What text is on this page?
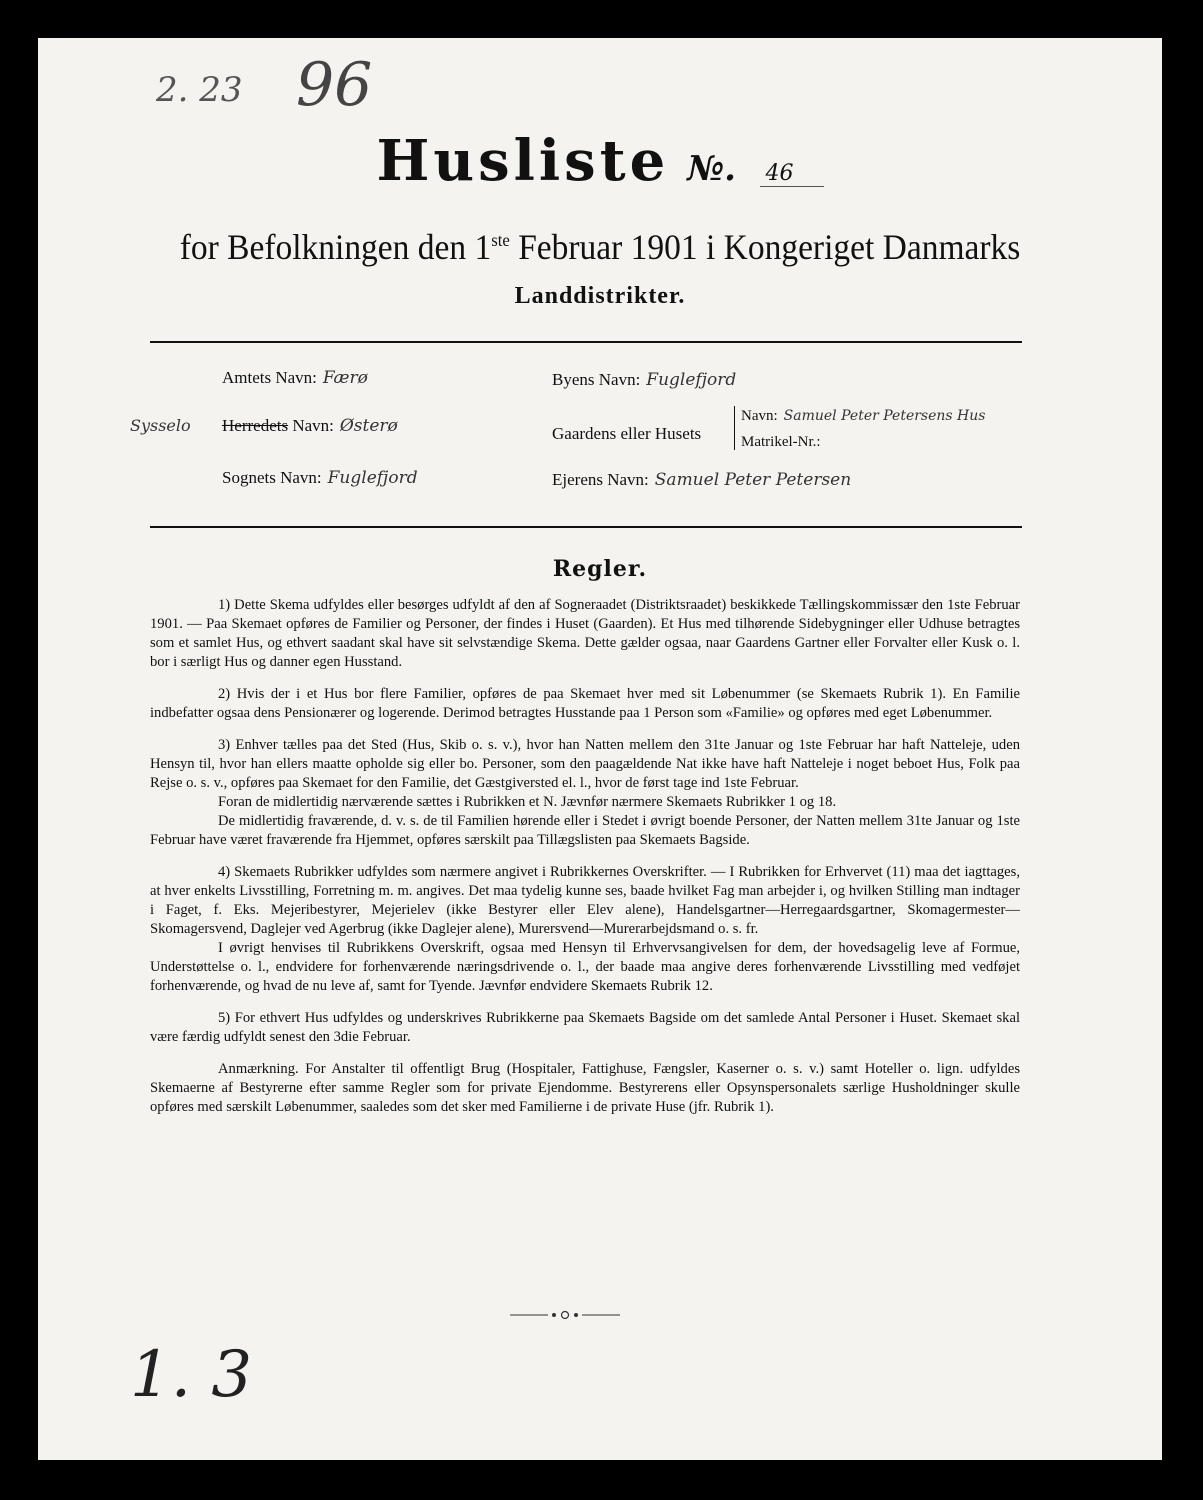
2. 23 96
Husliste №. 46
for Befolkningen den 1ste Februar 1901 i Kongeriget Danmarks
Landdistrikter.
Amtets Navn: Færø
Sysselo Herredets Navn: Østerø
Sognets Navn: Fuglefjord
Byens Navn: Fuglefjord
Gaardens eller Husets
Navn: Samuel Peter Petersens Hus
Matrikel-Nr.:
Ejerens Navn: Samuel Peter Petersen
Regler.

1) Dette Skema udfyldes eller besørges udfyldt af den af Sogneraadet (Distriktsraadet) beskikkede Tællingskommissær den 1ste Februar 1901. — Paa Skemaet opføres de Familier og Personer, der findes i Huset (Gaarden). Et Hus med tilhørende Sidebygninger eller Udhuse betragtes som et samlet Hus, og ethvert saadant skal have sit selvstændige Skema. Dette gælder ogsaa, naar Gaardens Gartner eller Forvalter eller Kusk o. l. bor i særligt Hus og danner egen Husstand.

2) Hvis der i et Hus bor flere Familier, opføres de paa Skemaet hver med sit Løbenummer (se Skemaets Rubrik 1). En Familie indbefatter ogsaa dens Pensionærer og logerende. Derimod betragtes Husstande paa 1 Person som «Familie» og opføres med eget Løbenummer.

3) Enhver tælles paa det Sted (Hus, Skib o. s. v.), hvor han Natten mellem den 31te Januar og 1ste Februar har haft Natteleje, uden Hensyn til, hvor han ellers maatte opholde sig eller bo. Personer, som den paagældende Nat ikke have haft Natteleje i noget beboet Hus, Folk paa Rejse o. s. v., opføres paa Skemaet for den Familie, det Gæstgiversted el. l., hvor de først tage ind 1ste Februar.

Foran de midlertidig nærværende sættes i Rubrikken et N. Jævnfør nærmere Skemaets Rubrikker 1 og 18.

De midlertidig fraværende, d. v. s. de til Familien hørende eller i Stedet i øvrigt boende Personer, der Natten mellem 31te Januar og 1ste Februar have været fraværende fra Hjemmet, opføres særskilt paa Tillægslisten paa Skemaets Bagside.

4) Skemaets Rubrikker udfyldes som nærmere angivet i Rubrikkernes Overskrifter. — I Rubrikken for Erhvervet (11) maa det iagttages, at hver enkelts Livsstilling, Forretning m. m. angives. Det maa tydelig kunne ses, baade hvilket Fag man arbejder i, og hvilken Stilling man indtager i Faget, f. Eks. Mejeribestyrer, Mejerielev (ikke Bestyrer eller Elev alene), Handelsgartner—Herregaardsgartner, Skomagermester—Skomagersvend, Daglejer ved Agerbrug (ikke Daglejer alene), Murersvend—Murerarbejdsmand o. s. fr.

I øvrigt henvises til Rubrikkens Overskrift, ogsaa med Hensyn til Erhvervsangivelsen for dem, der hovedsagelig leve af Formue, Understøttelse o. l., endvidere for forhenværende næringsdrivende o. l., der baade maa angive deres forhenværende Livsstilling med vedføjet forhenværende, og hvad de nu leve af, samt for Tyende. Jævnfør endvidere Skemaets Rubrik 12.

5) For ethvert Hus udfyldes og underskrives Rubrikkerne paa Skemaets Bagside om det samlede Antal Personer i Huset. Skemaet skal være færdig udfyldt senest den 3die Februar.

Anmærkning. For Anstalter til offentligt Brug (Hospitaler, Fattighuse, Fængsler, Kaserner o. s. v.) samt Hoteller o. lign. udfyldes Skemaerne af Bestyrerne efter samme Regler som for private Ejendomme. Bestyrerens eller Opsynspersonalets særlige Husholdninger skulle opføres med særskilt Løbenummer, saaledes som det sker med Familierne i de private Huse (jfr. Rubrik 1).

1. 3
